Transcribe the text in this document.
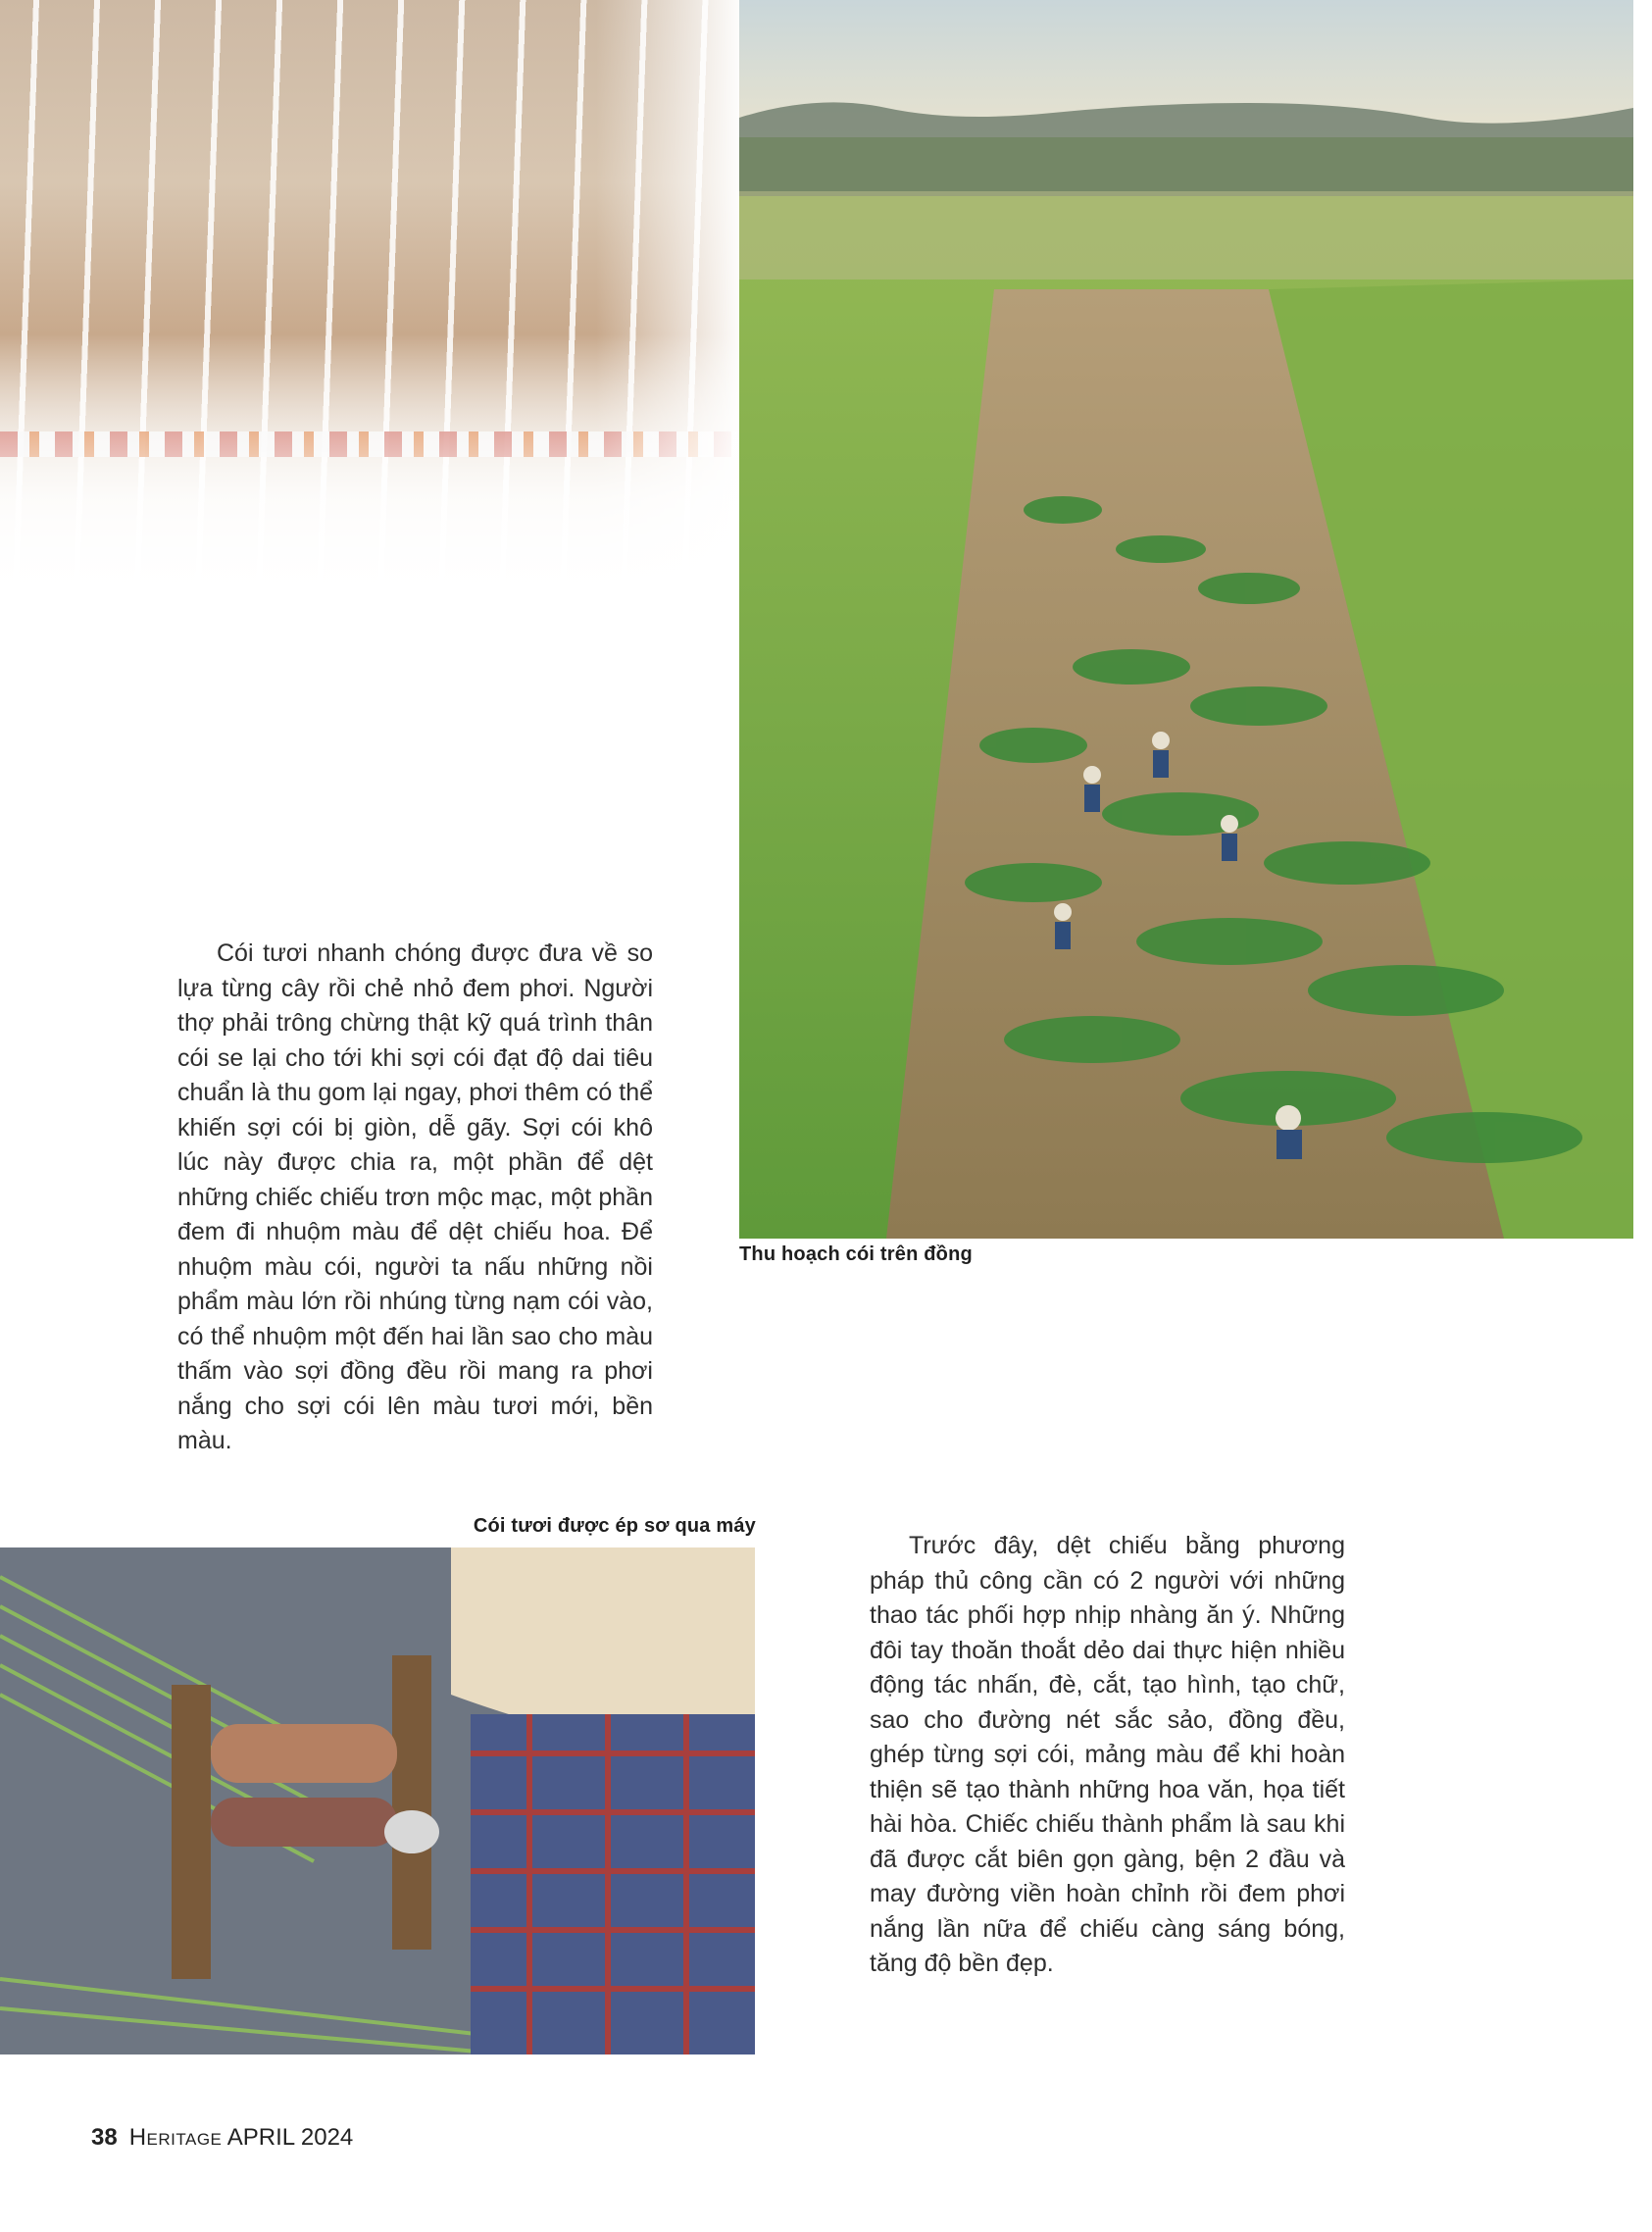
Thu hoạch cói trên đồng
Cói tươi nhanh chóng được đưa về so lựa từng cây rồi chẻ nhỏ đem phơi. Người thợ phải trông chừng thật kỹ quá trình thân cói se lại cho tới khi sợi cói đạt độ dai tiêu chuẩn là thu gom lại ngay, phơi thêm có thể khiến sợi cói bị giòn, dễ gãy. Sợi cói khô lúc này được chia ra, một phần để dệt những chiếc chiếu trơn mộc mạc, một phần đem đi nhuộm màu để dệt chiếu hoa. Để nhuộm màu cói, người ta nấu những nồi phẩm màu lớn rồi nhúng từng nạm cói vào, có thể nhuộm một đến hai lần sao cho màu thấm vào sợi đồng đều rồi mang ra phơi nắng cho sợi cói lên màu tươi mới, bền màu.
Cói tươi được ép sơ qua máy
Trước đây, dệt chiếu bằng phương pháp thủ công cần có 2 người với những thao tác phối hợp nhịp nhàng ăn ý. Những đôi tay thoăn thoắt dẻo dai thực hiện nhiều động tác nhấn, đè, cắt, tạo hình, tạo chữ, sao cho đường nét sắc sảo, đồng đều, ghép từng sợi cói, mảng màu để khi hoàn thiện sẽ tạo thành những hoa văn, họa tiết hài hòa. Chiếc chiếu thành phẩm là sau khi đã được cắt biên gọn gàng, bện 2 đầu và may đường viền hoàn chỉnh rồi đem phơi nắng lần nữa để chiếu càng sáng bóng, tăng độ bền đẹp.
38 Heritage APRIL 2024
